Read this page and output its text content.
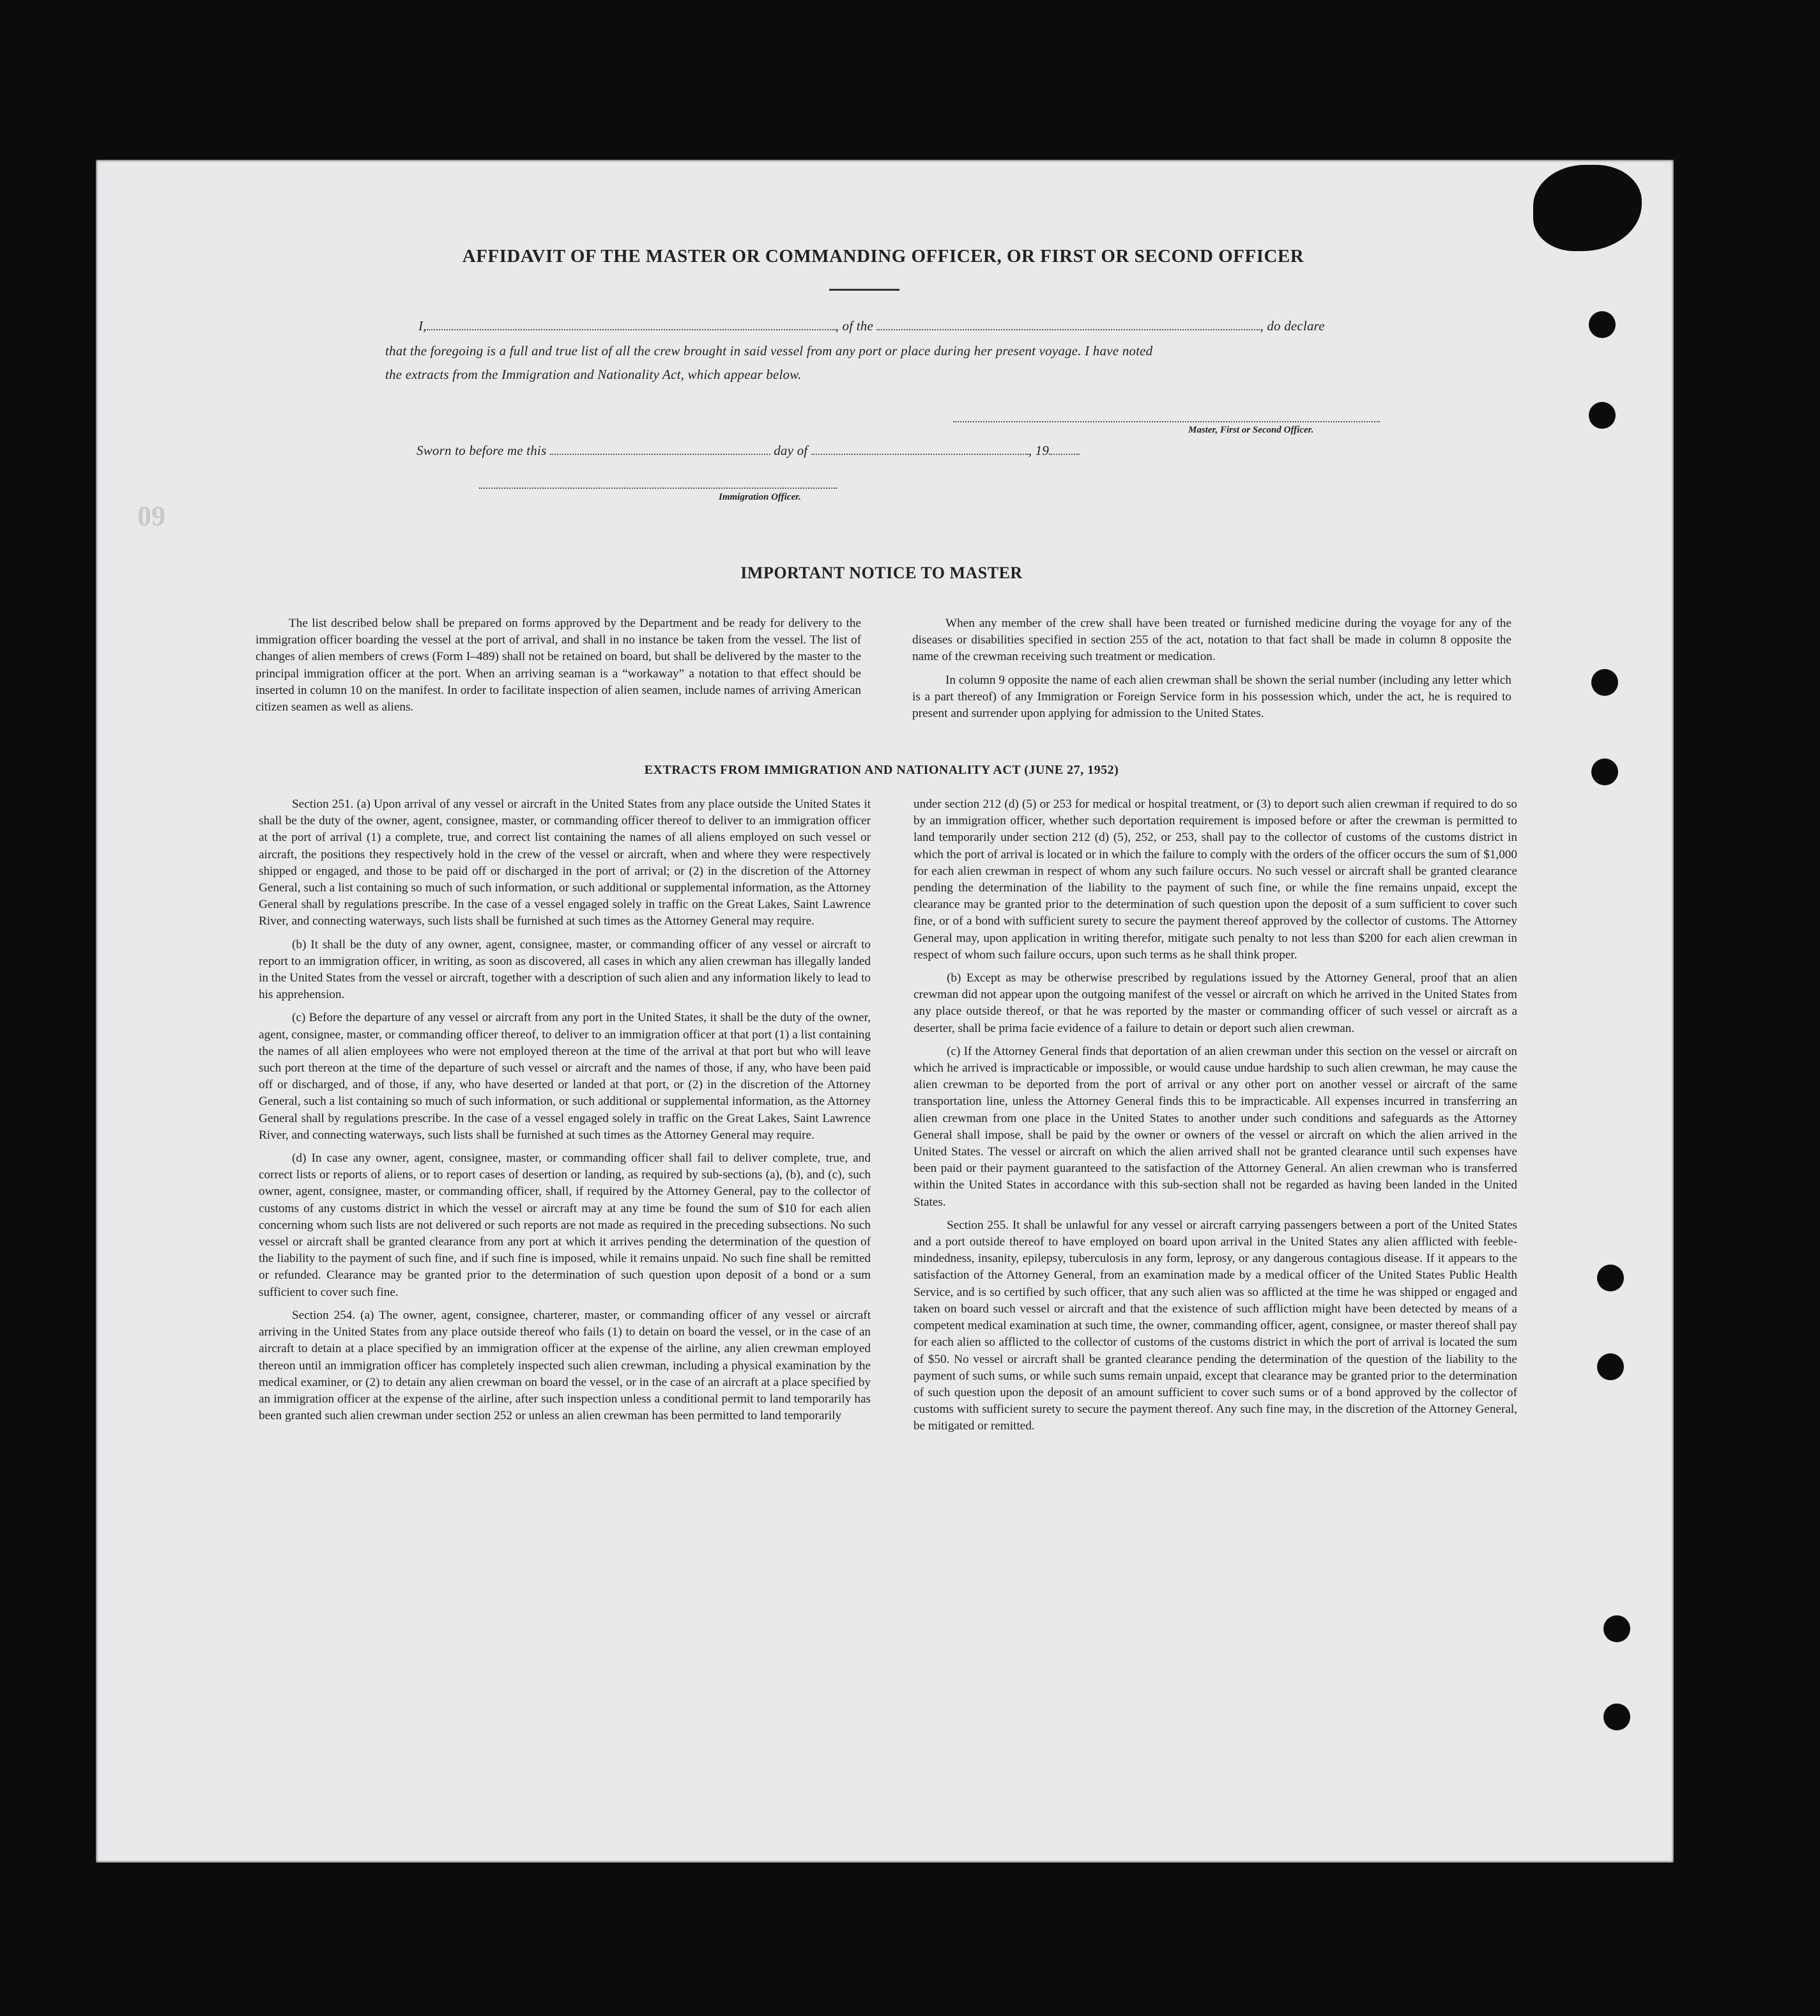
09
AFFIDAVIT OF THE MASTER OR COMMANDING OFFICER, OR FIRST OR SECOND OFFICER
I,	, of the	, do declare
that the foregoing is a full and true list of all the crew brought in said vessel from any port or place during her present voyage. I have noted
the extracts from the Immigration and Nationality Act, which appear below.
Master, First or Second Officer.
Sworn to before me this	day of	, 19
Immigration Officer.
IMPORTANT NOTICE TO MASTER

The list described below shall be prepared on forms approved by the Department and be ready for delivery to the immigration officer boarding the vessel at the port of arrival, and shall in no instance be taken from the vessel. The list of changes of alien members of crews (Form I–489) shall not be retained on board, but shall be delivered by the master to the principal immigration officer at the port. When an arriving seaman is a “workaway” a notation to that effect should be inserted in column 10 on the manifest. In order to facilitate inspection of alien seamen, include names of arriving American citizen seamen as well as aliens.

When any member of the crew shall have been treated or furnished medicine during the voyage for any of the diseases or disabilities specified in section 255 of the act, notation to that fact shall be made in column 8 opposite the name of the crewman receiving such treatment or medication.

In column 9 opposite the name of each alien crewman shall be shown the serial number (including any letter which is a part thereof) of any Immigration or Foreign Service form in his possession which, under the act, he is required to present and surrender upon applying for admission to the United States.

EXTRACTS FROM IMMIGRATION AND NATIONALITY ACT (JUNE 27, 1952)

Section 251. (a) Upon arrival of any vessel or aircraft in the United States from any place outside the United States it shall be the duty of the owner, agent, consignee, master, or commanding officer thereof to deliver to an immigration officer at the port of arrival (1) a complete, true, and correct list containing the names of all aliens employed on such vessel or aircraft, the positions they respectively hold in the crew of the vessel or aircraft, when and where they were respectively shipped or engaged, and those to be paid off or discharged in the port of arrival; or (2) in the discretion of the Attorney General, such a list containing so much of such information, or such additional or supplemental information, as the Attorney General shall by regulations prescribe. In the case of a vessel engaged solely in traffic on the Great Lakes, Saint Lawrence River, and connecting waterways, such lists shall be furnished at such times as the Attorney General may require.

(b) It shall be the duty of any owner, agent, consignee, master, or commanding officer of any vessel or aircraft to report to an immigration officer, in writing, as soon as discovered, all cases in which any alien crewman has illegally landed in the United States from the vessel or aircraft, together with a description of such alien and any information likely to lead to his apprehension.

(c) Before the departure of any vessel or aircraft from any port in the United States, it shall be the duty of the owner, agent, consignee, master, or commanding officer thereof, to deliver to an immigration officer at that port (1) a list containing the names of all alien employees who were not employed thereon at the time of the arrival at that port but who will leave such port thereon at the time of the departure of such vessel or aircraft and the names of those, if any, who have been paid off or discharged, and of those, if any, who have deserted or landed at that port, or (2) in the discretion of the Attorney General, such a list containing so much of such information, or such additional or supplemental information, as the Attorney General shall by regulations prescribe. In the case of a vessel engaged solely in traffic on the Great Lakes, Saint Lawrence River, and connecting waterways, such lists shall be furnished at such times as the Attorney General may require.

(d) In case any owner, agent, consignee, master, or commanding officer shall fail to deliver complete, true, and correct lists or reports of aliens, or to report cases of desertion or landing, as required by sub-sections (a), (b), and (c), such owner, agent, consignee, master, or commanding officer, shall, if required by the Attorney General, pay to the collector of customs of any customs district in which the vessel or aircraft may at any time be found the sum of $10 for each alien concerning whom such lists are not delivered or such reports are not made as required in the preceding subsections. No such vessel or aircraft shall be granted clearance from any port at which it arrives pending the determination of the question of the liability to the payment of such fine, and if such fine is imposed, while it remains unpaid. No such fine shall be remitted or refunded. Clearance may be granted prior to the determination of such question upon deposit of a bond or a sum sufficient to cover such fine.

Section 254. (a) The owner, agent, consignee, charterer, master, or commanding officer of any vessel or aircraft arriving in the United States from any place outside thereof who fails (1) to detain on board the vessel, or in the case of an aircraft to detain at a place specified by an immigration officer at the expense of the airline, any alien crewman employed thereon until an immigration officer has completely inspected such alien crewman, including a physical examination by the medical examiner, or (2) to detain any alien crewman on board the vessel, or in the case of an aircraft at a place specified by an immigration officer at the expense of the airline, after such inspection unless a conditional permit to land temporarily has been granted such alien crewman under section 252 or unless an alien crewman has been permitted to land temporarily

under section 212 (d) (5) or 253 for medical or hospital treatment, or (3) to deport such alien crewman if required to do so by an immigration officer, whether such deportation requirement is imposed before or after the crewman is permitted to land temporarily under section 212 (d) (5), 252, or 253, shall pay to the collector of customs of the customs district in which the port of arrival is located or in which the failure to comply with the orders of the officer occurs the sum of $1,000 for each alien crewman in respect of whom any such failure occurs. No such vessel or aircraft shall be granted clearance pending the determination of the liability to the payment of such fine, or while the fine remains unpaid, except the clearance may be granted prior to the determination of such question upon the deposit of a sum sufficient to cover such fine, or of a bond with sufficient surety to secure the payment thereof approved by the collector of customs. The Attorney General may, upon application in writing therefor, mitigate such penalty to not less than $200 for each alien crewman in respect of whom such failure occurs, upon such terms as he shall think proper.

(b) Except as may be otherwise prescribed by regulations issued by the Attorney General, proof that an alien crewman did not appear upon the outgoing manifest of the vessel or aircraft on which he arrived in the United States from any place outside thereof, or that he was reported by the master or commanding officer of such vessel or aircraft as a deserter, shall be prima facie evidence of a failure to detain or deport such alien crewman.

(c) If the Attorney General finds that deportation of an alien crewman under this section on the vessel or aircraft on which he arrived is impracticable or impossible, or would cause undue hardship to such alien crewman, he may cause the alien crewman to be deported from the port of arrival or any other port on another vessel or aircraft of the same transportation line, unless the Attorney General finds this to be impracticable. All expenses incurred in transferring an alien crewman from one place in the United States to another under such conditions and safeguards as the Attorney General shall impose, shall be paid by the owner or owners of the vessel or aircraft on which the alien arrived in the United States. The vessel or aircraft on which the alien arrived shall not be granted clearance until such expenses have been paid or their payment guaranteed to the satisfaction of the Attorney General. An alien crewman who is transferred within the United States in accordance with this sub-section shall not be regarded as having been landed in the United States.

Section 255. It shall be unlawful for any vessel or aircraft carrying passengers between a port of the United States and a port outside thereof to have employed on board upon arrival in the United States any alien afflicted with feeble-mindedness, insanity, epilepsy, tuberculosis in any form, leprosy, or any dangerous contagious disease. If it appears to the satisfaction of the Attorney General, from an examination made by a medical officer of the United States Public Health Service, and is so certified by such officer, that any such alien was so afflicted at the time he was shipped or engaged and taken on board such vessel or aircraft and that the existence of such affliction might have been detected by means of a competent medical examination at such time, the owner, commanding officer, agent, consignee, or master thereof shall pay for each alien so afflicted to the collector of customs of the customs district in which the port of arrival is located the sum of $50. No vessel or aircraft shall be granted clearance pending the determination of the question of the liability to the payment of such sums, or while such sums remain unpaid, except that clearance may be granted prior to the determination of such question upon the deposit of an amount sufficient to cover such sums or of a bond approved by the collector of customs with sufficient surety to secure the payment thereof. Any such fine may, in the discretion of the Attorney General, be mitigated or remitted.
